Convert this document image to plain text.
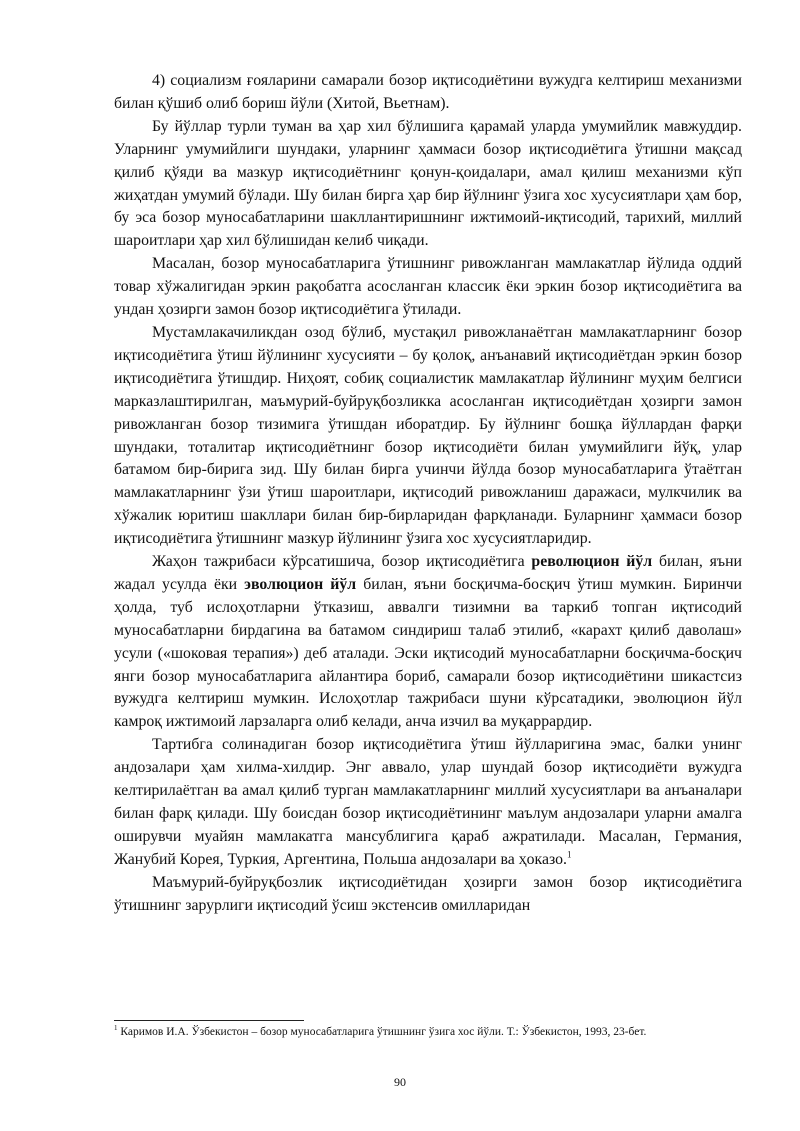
4) социализм ғояларини самарали бозор иқтисодиётини вужудга келтириш механизми билан қўшиб олиб бориш йўли (Хитой, Вьетнам).

Бу йўллар турли туман ва ҳар хил бўлишига қарамай уларда умумийлик мавжуддир. Уларнинг умумийлиги шундаки, уларнинг ҳаммаси бозор иқтисодиётига ўтишни мақсад қилиб қўяди ва мазкур иқтисодиётнинг қонун-қоидалари, амал қилиш механизми кўп жиҳатдан умумий бўлади. Шу билан бирга ҳар бир йўлнинг ўзига хос хусусиятлари ҳам бор, бу эса бозор муносабатларини шакллантиришнинг ижтимоий-иқтисодий, тарихий, миллий шароитлари ҳар хил бўлишидан келиб чиқади.

Масалан, бозор муносабатларига ўтишнинг ривожланган мамлакатлар йўлида оддий товар хўжалигидан эркин рақобатга асосланган классик ёки эркин бозор иқтисодиётига ва ундан ҳозирги замон бозор иқтисодиётига ўтилади.

Мустамлакачиликдан озод бўлиб, мустақил ривожланаётган мамлакатларнинг бозор иқтисодиётига ўтиш йўлининг хусусияти – бу қолоқ, анъанавий иқтисодиётдан эркин бозор иқтисодиётига ўтишдир. Ниҳоят, собиқ социалистик мамлакатлар йўлининг муҳим белгиси марказлаштирилган, маъмурий-буйруқбозликка асосланган иқтисодиётдан ҳозирги замон ривожланган бозор тизимига ўтишдан иборатдир. Бу йўлнинг бошқа йўллардан фарқи шундаки, тоталитар иқтисодиётнинг бозор иқтисодиёти билан умумийлиги йўқ, улар батамом бир-бирига зид. Шу билан бирга учинчи йўлда бозор муносабатларига ўтаётган мамлакатларнинг ўзи ўтиш шароитлари, иқтисодий ривожланиш даражаси, мулкчилик ва хўжалик юритиш шакллари билан бир-бирларидан фарқланади. Буларнинг ҳаммаси бозор иқтисодиётига ўтишнинг мазкур йўлининг ўзига хос хусусиятларидир.

Жаҳон тажрибаси кўрсатишича, бозор иқтисодиётига революцион йўл билан, яъни жадал усулда ёки эволюцион йўл билан, яъни босқичма-босқич ўтиш мумкин. Биринчи ҳолда, туб ислоҳотларни ўтказиш, аввалги тизимни ва таркиб топган иқтисодий муносабатларни бирдагина ва батамом синдириш талаб этилиб, «карахт қилиб даволаш» усули («шоковая терапия») деб аталади. Эски иқтисодий муносабатларни босқичма-босқич янги бозор муносабатларига айлантира бориб, самарали бозор иқтисодиётини шикастсиз вужудга келтириш мумкин. Ислоҳотлар тажрибаси шуни кўрсатадики, эволюцион йўл камроқ ижтимоий ларзаларга олиб келади, анча изчил ва муқаррардир.

Тартибга солинадиган бозор иқтисодиётига ўтиш йўлларигина эмас, балки унинг андозалари ҳам хилма-хилдир. Энг аввало, улар шундай бозор иқтисодиёти вужудга келтирилаётган ва амал қилиб турган мамлакатларнинг миллий хусусиятлари ва анъаналари билан фарқ қилади. Шу боисдан бозор иқтисодиётининг маълум андозалари уларни амалга оширувчи муайян мамлакатга мансублигига қараб ажратилади. Масалан, Германия, Жанубий Корея, Туркия, Аргентина, Польша андозалари ва ҳоказо.$^1$

Маъмурий-буйруқбозлик иқтисодиётидан ҳозирги замон бозор иқтисодиётига ўтишнинг зарурлиги иқтисодий ўсиш экстенсив омилларидан

$^1$ Каримов И.А. Ўзбекистон – бозор муносабатларига ўтишнинг ўзига хос йўли. Т.: Ўзбекистон, 1993, 23-бет.

90
